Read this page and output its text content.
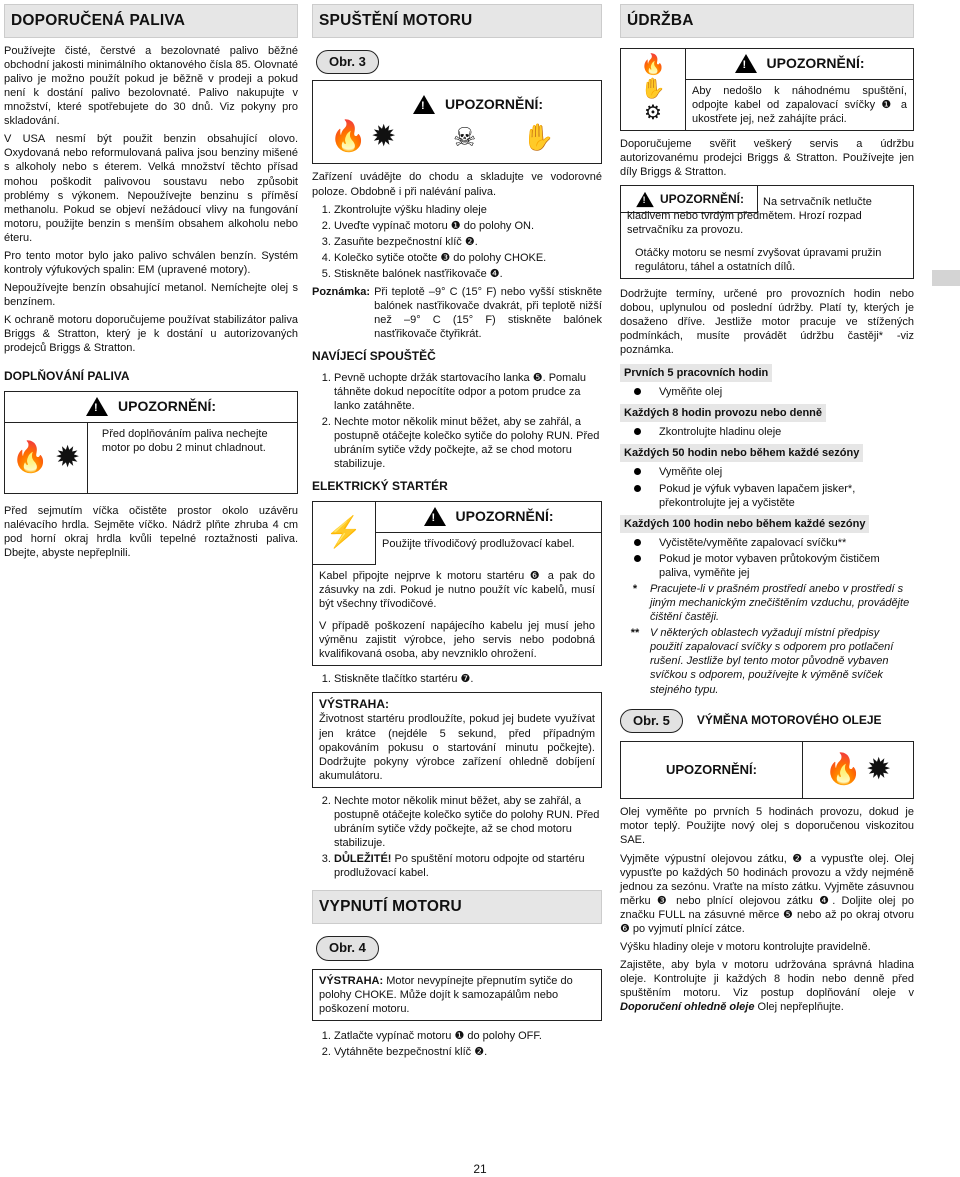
DOPORUČENÁ PALIVA

Používejte čisté, čerstvé a bezolovnaté palivo běžné obchodní jakosti minimálního oktanového čísla 85. Olovnaté palivo je možno použít pokud je běžně v prodeji a pokud není k dostání palivo bezolovnaté. Palivo nakupujte v množství, které spotřebujete do 30 dnů. Viz pokyny pro skladování.

V USA nesmí být použit benzin obsahující olovo. Oxydovaná nebo reformulovaná paliva jsou benziny mišené s alkoholy nebo s éterem. Velká množství těchto přísad mohou poškodit palivovou soustavu nebo způsobit problémy s výkonem. Nepoužívejte benzinu s příměsí methanolu. Pokud se objeví nežádoucí vlivy na fungování motoru, použijte benzin s menším obsahem alkoholu nebo éteru.

Pro tento motor bylo jako palivo schválen benzín. Systém kontroly výfukových spalin: EM (upravené motory).

Nepoužívejte benzín obsahující metanol. Nemíchejte olej s benzínem.

K ochraně motoru doporučujeme používat stabilizátor paliva Briggs & Stratton, který je k dostání u autorizovaných prodejců Briggs & Stratton.

DOPLŇOVÁNÍ PALIVA
! UPOZORNĚNÍ:
🔥 ✹
Před doplňováním paliva nechejte motor po dobu 2 minut chladnout.

Před sejmutím víčka očistěte prostor okolo uzávěru nalévacího hrdla. Sejměte víčko. Nádrž plňte zhruba 4 cm pod horní okraj hrdla kvůli tepelné roztažnosti paliva. Dbejte, abyste nepřeplnili.

SPUŠTĚNÍ MOTORU
Obr. 3
🔥 ✹
! UPOZORNĚNÍ:
☠ ✋

Zařízení uvádějte do chodu a skladujte ve vodorovné poloze. Obdobně i při nalévání paliva.

1. Zkontrolujte výšku hladiny oleje
2. Uveďte vypínač motoru ❶ do polohy ON.
3. Zasuňte bezpečnostní klíč ❷.
4. Kolečko sytiče otočte ❸ do polohy CHOKE.
5. Stiskněte balónek nasťřikovače ❹.
Poznámka: Při teplotě –9° C (15° F) nebo vyšší stiskněte balónek nasťřikovače dvakrát, při teplotě nižší než –9° C (15° F) stiskněte balónek nasťřikovače čtyřikrát.
NAVÍJECÍ SPOUŠTĚČ
1. Pevně uchopte držák startovacího lanka ❺. Pomalu táhněte dokud nepocítíte odpor a potom prudce za lanko zatáhněte.
2. Nechte motor několik minut běžet, aby se zahřál, a postupně otáčejte kolečko sytiče do polohy RUN. Před ubráním sytiče vždy počkejte, až se chod motoru stabilizuje.
ELEKTRICKÝ STARTÉR
⚡	! UPOZORNĚNÍ:
Použijte třívodičový prodlužovací kabel.
Kabel připojte nejprve k motoru startéru ❻ a pak do zásuvky na zdi. Pokud je nutno použít víc kabelů, musí být všechny třívodičové.
V případě poškození napájecího kabelu jej musí jeho výměnu zajistit výrobce, jeho servis nebo podobná kvalifikovaná osoba, aby nevzniklo ohrožení.
1. Stiskněte tlačítko startéru ❼.
VÝSTRAHA:
Životnost startéru prodloužíte, pokud jej budete využívat jen krátce (nejdéle 5 sekund, před případným opakováním pokusu o startování minutu počkejte). Dodržujte pokyny výrobce zařízení ohledně dobíjení akumulátoru.
2. Nechte motor několik minut běžet, aby se zahřál, a postupně otáčejte kolečko sytiče do polohy RUN. Před ubráním sytiče vždy počkejte, až se chod motoru stabilizuje.
3. DŮLEŽITÉ! Po spuštění motoru odpojte od startéru prodlužovací kabel.
VYPNUTÍ MOTORU
Obr. 4
VÝSTRAHA: Motor nevypínejte přepnutím sytiče do polohy CHOKE. Může dojít k samozapálům nebo poškození motoru.
1. Zatlačte vypínač motoru ❶ do polohy OFF.
2. Vytáhněte bezpečnostní klíč ❷.
ÚDRŽBA
🔥
✋
⚙
! UPOZORNĚNÍ:
Aby nedošlo k náhodnému spuštění, odpojte kabel od zapalovací svíčky ❶ a ukostřete jej, než zahájíte práci.

Doporučujeme svěřit veškerý servis a údržbu autorizovanému prodejci Briggs & Stratton. Používejte jen díly Briggs & Stratton.

! UPOZORNĚNÍ:	Na setrvačník netlučte kladivem nebo tvrdým předmětem. Hrozí rozpad setrvačníku za provozu.
Otáčky motoru se nesmí zvyšovat úpravami pružin regulátoru, táhel a ostatních dílů.

Dodržujte termíny, určené pro provozních hodin nebo dobou, uplynulou od poslední údržby. Platí ty, kterých je dosaženo dříve. Jestliže motor pracuje ve stížených podmínkách, musíte provádět údržbu častěji* -viz poznámka.

Prvních 5 pracovních hodin
Vyměňte olej
Každých 8 hodin provozu nebo denně
Zkontrolujte hladinu oleje
Každých 50 hodin nebo během každé sezóny
Vyměňte olej
Pokud je výfuk vybaven lapačem jisker*, překontrolujte jej a vyčistěte
Každých 100 hodin nebo během každé sezóny
Vyčistěte/vyměňte zapalovací svíčku**
Pokud je motor vybaven průtokovým čističem paliva, vyměňte jej
*	Pracujete-li v prašném prostředí anebo v prostředí s jiným mechanickým znečištěním vzduchu, provádějte čištění častěji.
** V některých oblastech vyžadují místní předpisy použití zapalovací svíčky s odporem pro potlačení rušení. Jestliže byl tento motor původně vybaven svíčkou s odporem, používejte k výměně svíček stejného typu.
Obr. 5	VÝMĚNA MOTOROVÉHO OLEJE
UPOZORNĚNÍ:	🔥 ✹

Olej vyměňte po prvních 5 hodinách provozu, dokud je motor teplý. Použijte nový olej s doporučenou viskozitou SAE.

Vyjměte výpustní olejovou zátku, ❷ a vypusťte olej. Olej vypusťte po každých 50 hodinách provozu a vždy nejméně jednou za sezónu. Vraťte na místo zátku. Vyjměte zásuvnou měrku ❸ nebo plnící olejovou zátku ❹. Doljite olej po značku FULL na zásuvné měrce ❺ nebo až po okraj otvoru ❻ po vyjmutí plnící zátce.

Výšku hladiny oleje v motoru kontrolujte pravidelně.

Zajistěte, aby byla v motoru udržována správná hladina oleje. Kontrolujte ji každých 8 hodin nebo denně před spuštěním motoru. Viz postup doplňování oleje v Doporučení ohledně oleje Olej nepřeplňujte.

21
